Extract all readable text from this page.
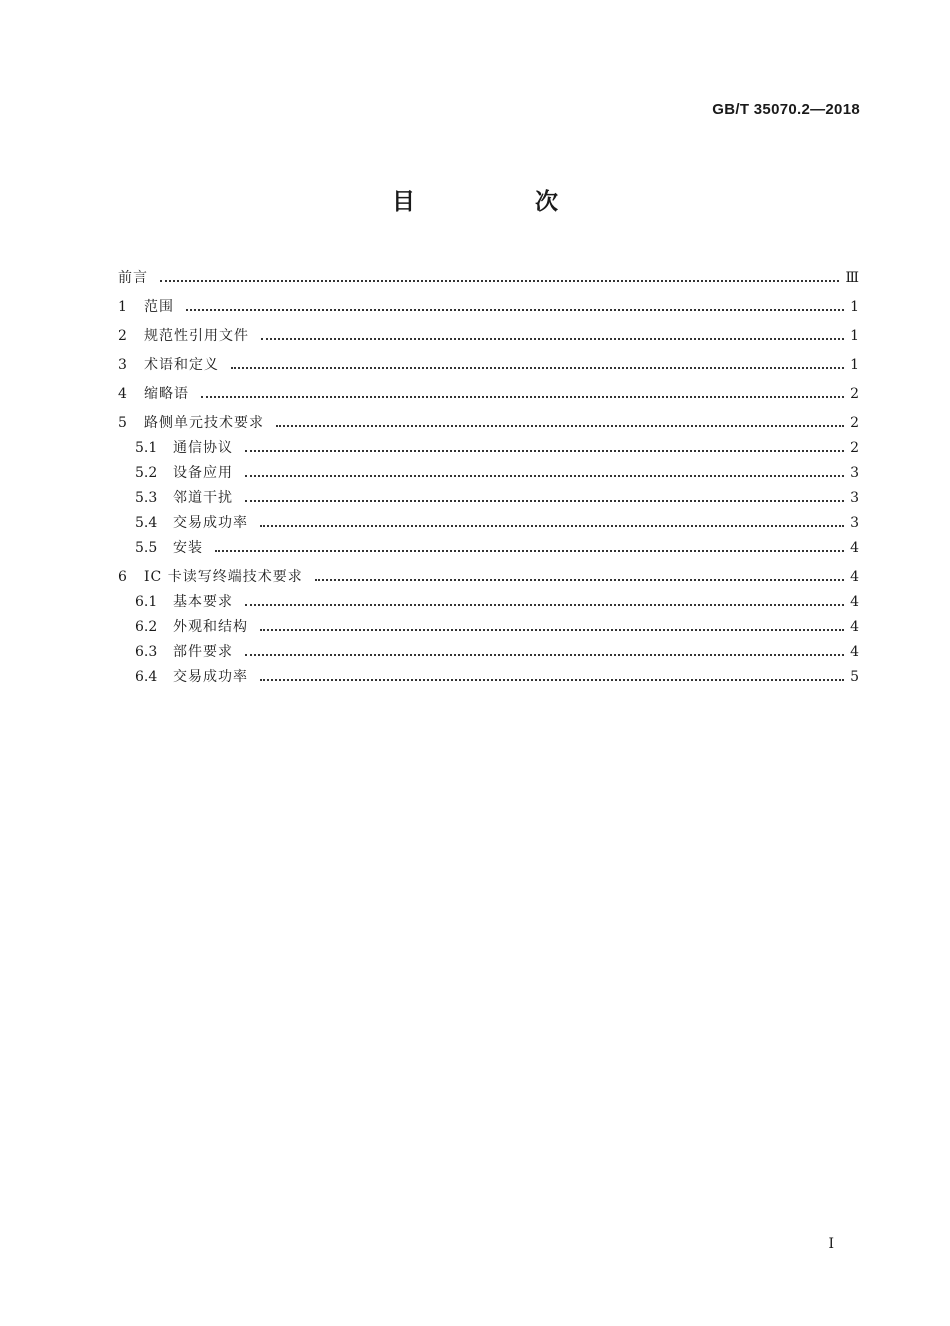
GB/T 35070.2—2018
目 次
前言	Ⅲ
1	范围	1
2	规范性引用文件	1
3	术语和定义	1
4	缩略语	2
5	路侧单元技术要求	2
5.1	通信协议	2
5.2	设备应用	3
5.3	邻道干扰	3
5.4	交易成功率	3
5.5	安装	4
6	IC 卡读写终端技术要求	4
6.1	基本要求	4
6.2	外观和结构	4
6.3	部件要求	4
6.4	交易成功率	5
I
